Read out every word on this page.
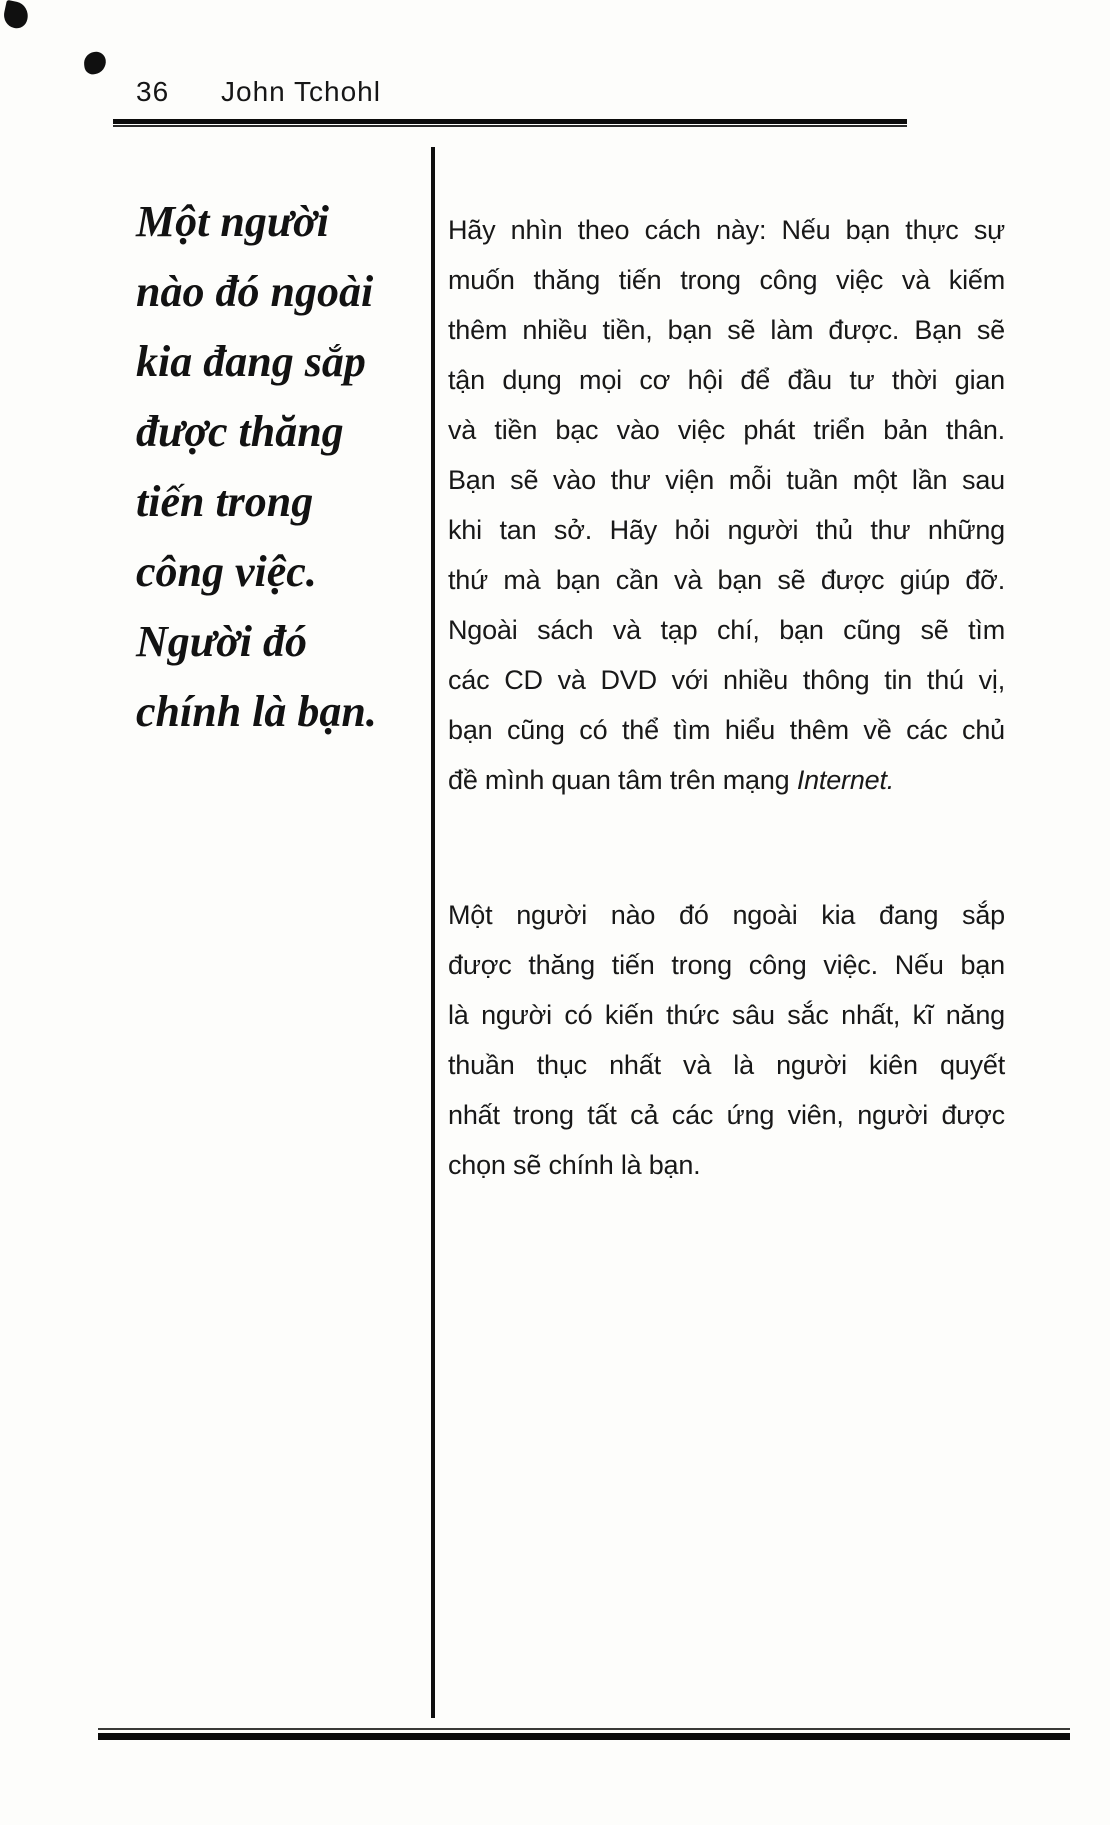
36 John Tchohl
Một người
nào đó ngoài
kia đang sắp
được thăng
tiến trong
công việc.
Người đó
chính là bạn.
Hãy nhìn theo cách này: Nếu bạn thực sự
muốn thăng tiến trong công việc và kiếm
thêm nhiều tiền, bạn sẽ làm được. Bạn sẽ
tận dụng mọi cơ hội để đầu tư thời gian
và tiền bạc vào việc phát triển bản thân.
Bạn sẽ vào thư viện mỗi tuần một lần sau
khi tan sở. Hãy hỏi người thủ thư những
thứ mà bạn cần và bạn sẽ được giúp đỡ.
Ngoài sách và tạp chí, bạn cũng sẽ tìm
các CD và DVD với nhiều thông tin thú vị,
bạn cũng có thể tìm hiểu thêm về các chủ
đề mình quan tâm trên mạng Internet.
Một người nào đó ngoài kia đang sắp
được thăng tiến trong công việc. Nếu bạn
là người có kiến thức sâu sắc nhất, kĩ năng
thuần thục nhất và là người kiên quyết
nhất trong tất cả các ứng viên, người được
chọn sẽ chính là bạn.
